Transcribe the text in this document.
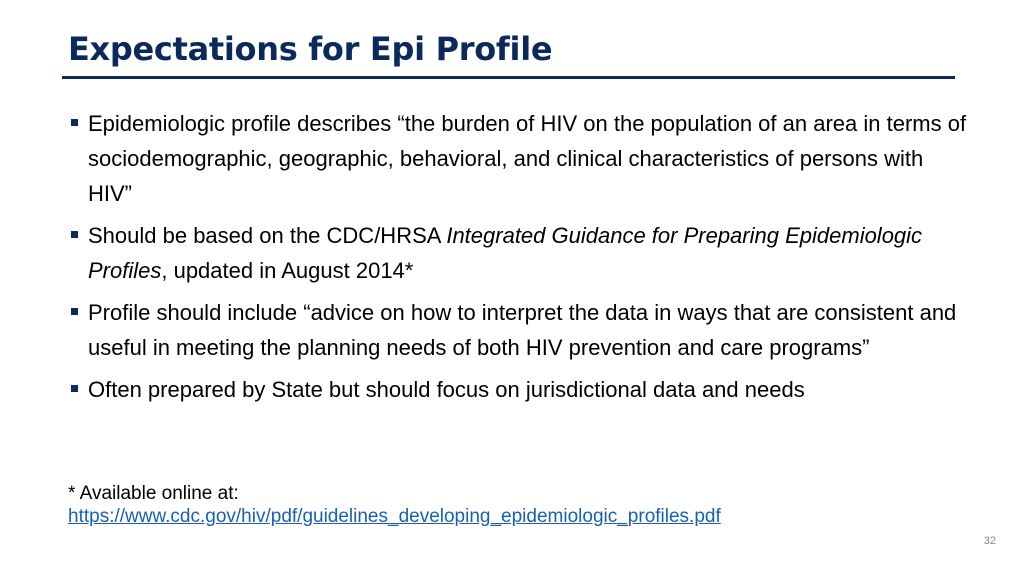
Expectations for Epi Profile
Epidemiologic profile describes “the burden of HIV on the population of an area in terms of sociodemographic, geographic, behavioral, and clinical characteristics of persons with HIV”
Should be based on the CDC/HRSA Integrated Guidance for Preparing Epidemiologic Profiles, updated in August 2014*
Profile should include “advice on how to interpret the data in ways that are consistent and useful in meeting the planning needs of both HIV prevention and care programs”
Often prepared by State but should focus on jurisdictional data and needs
* Available online at: https://www.cdc.gov/hiv/pdf/guidelines_developing_epidemiologic_profiles.pdf
32
